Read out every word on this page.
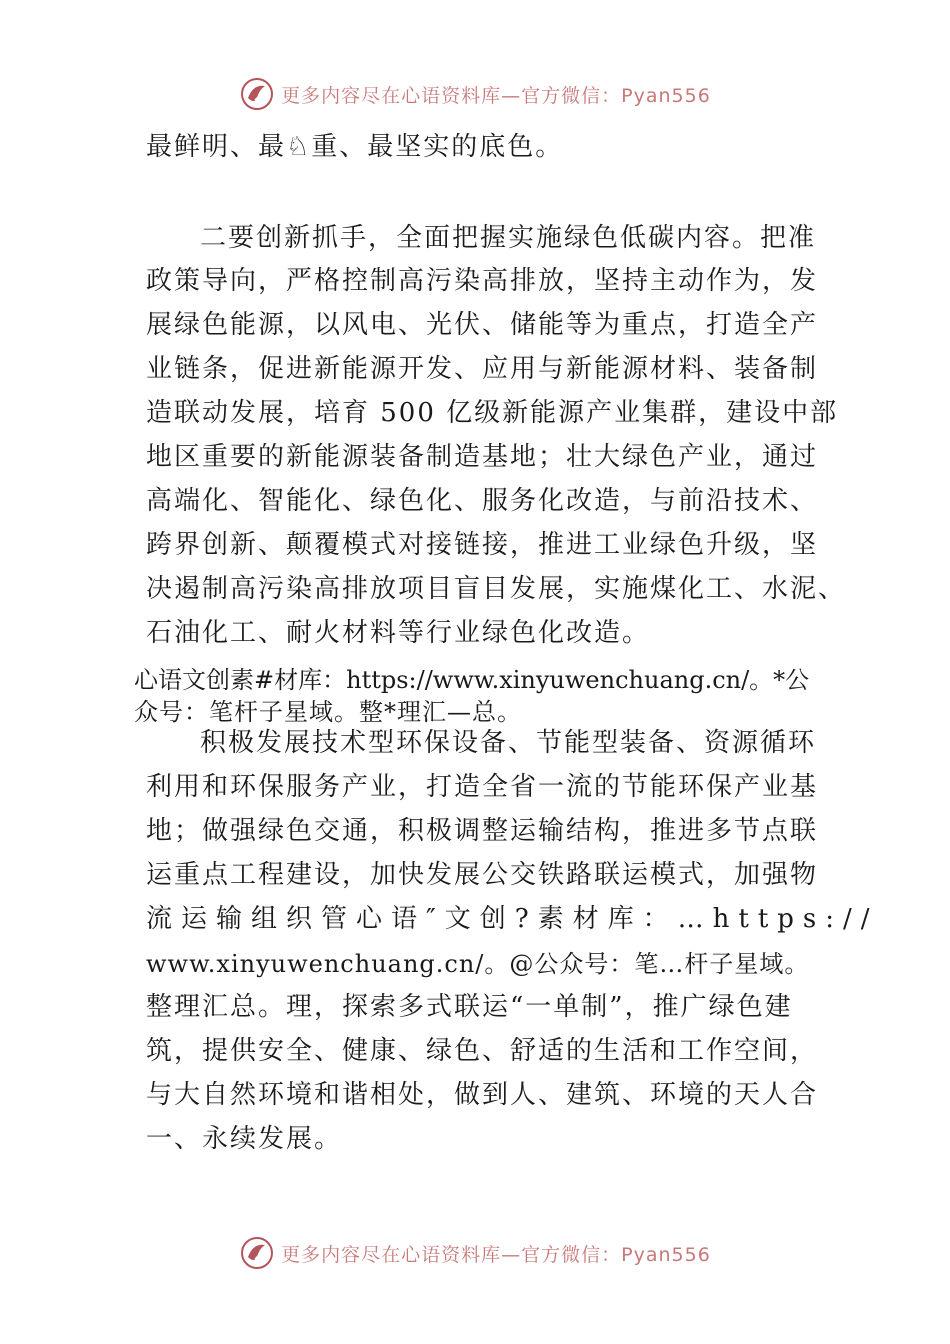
更多内容尽在心语资料库—官方微信：Pyan556
最鲜明、最♘重、最坚实的底色。
二要创新抓手，全面把握实施绿色低碳内容。把准
政策导向，严格控制高污染高排放，坚持主动作为，发
展绿色能源，以风电、光伏、储能等为重点，打造全产
业链条，促进新能源开发、应用与新能源材料、装备制
造联动发展，培育 500 亿级新能源产业集群，建设中部
地区重要的新能源装备制造基地；壮大绿色产业，通过
高端化、智能化、绿色化、服务化改造，与前沿技术、
跨界创新、颠覆模式对接链接，推进工业绿色升级，坚
决遏制高污染高排放项目盲目发展，实施煤化工、水泥、
石油化工、耐火材料等行业绿色化改造。
心语文创素#材库：https://www.xinyuwenchuang.cn/。*公
众号：笔杆子星域。整*理汇—总。
积极发展技术型环保设备、节能型装备、资源循环
利用和环保服务产业，打造全省一流的节能环保产业基
地；做强绿色交通，积极调整运输结构，推进多节点联
运重点工程建设，加快发展公交铁路联运模式，加强物
流运输组织管心语″文创?素材库：…https://
www.xinyuwenchuang.cn/。@公众号：笔…杆子星域。
整理汇总。理，探索多式联运“一单制”，推广绿色建
筑，提供安全、健康、绿色、舒适的生活和工作空间，
与大自然环境和谐相处，做到人、建筑、环境的天人合
一、永续发展。
更多内容尽在心语资料库—官方微信：Pyan556
